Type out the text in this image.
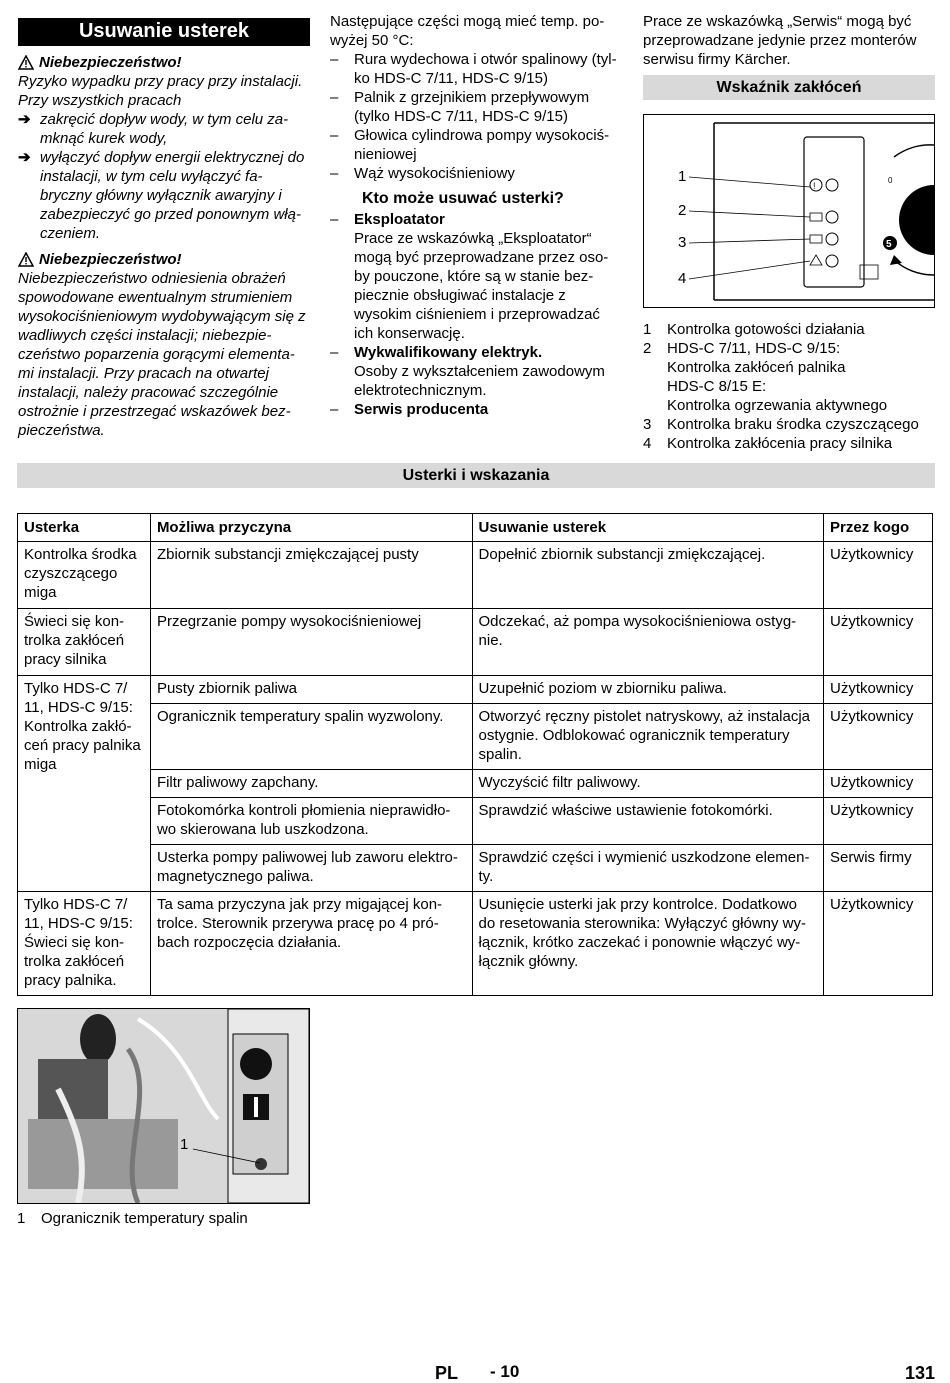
Usuwanie usterek
Niebezpieczeństwo!
Ryzyko wypadku przy pracy przy instalacji. Przy wszystkich pracach
➔ zakręcić dopływ wody, w tym celu za-mknąć kurek wody,
➔ wyłączyć dopływ energii elektrycznej do instalacji, w tym celu wyłączyć fa-bryczny główny wyłącznik awaryjny i zabezpieczyć go przed ponownym włą-czeniem.
Niebezpieczeństwo!
Niebezpieczeństwo odniesienia obrażeń spowodowane ewentualnym strumieniem wysokociśnieniowym wydobywającym się z wadliwych części instalacji; niebezpie-czeństwo poparzenia gorącymi elementa-mi instalacji. Przy pracach na otwartej instalacji, należy pracować szczególnie ostrożnie i przestrzegać wskazówek bez-pieczeństwa.
Następujące części mogą mieć temp. po-wyżej 50 °C:
–	Rura wydechowa i otwór spalinowy (tyl-ko HDS-C 7/11, HDS-C 9/15)
–	Palnik z grzejnikiem przepływowym (tylko HDS-C 7/11, HDS-C 9/15)
–	Głowica cylindrowa pompy wysokociś-nieniowej
–	Wąż wysokociśnieniowy
Kto może usuwać usterki?
–	Eksploatator
Prace ze wskazówką „Eksploatator“ mogą być przeprowadzane przez oso-by pouczone, które są w stanie bez-piecznie obsługiwać instalacje z wysokim ciśnieniem i przeprowadzać ich konserwację.
–	Wykwalifikowany elektryk.
Osoby z wykształceniem zawodowym elektrotechnicznym.
–	Serwis producenta
Prace ze wskazówką „Serwis“ mogą być przeprowadzane jedynie przez monterów serwisu firmy Kärcher.
Wskaźnik zakłóceń
!
1
2
3
4
0
5
1	Kontrolka gotowości działania
2	HDS-C 7/11, HDS-C 9/15:
Kontrolka zakłóceń palnika
HDS-C 8/15 E:
Kontrolka ogrzewania aktywnego
3	Kontrolka braku środka czyszczącego
4	Kontrolka zakłócenia pracy silnika
Usterki i wskazania
Usterka	Możliwa przyczyna	Usuwanie usterek	Przez kogo
Kontrolka środka czyszczącego miga	Zbiornik substancji zmiękczającej pusty	Dopełnić zbiornik substancji zmiękczającej.	Użytkownicy
Świeci się kon-trolka zakłóceń pracy silnika	Przegrzanie pompy wysokociśnieniowej	Odczekać, aż pompa wysokociśnieniowa ostyg-nie.	Użytkownicy
Tylko HDS-C 7/ 11, HDS-C 9/15: Kontrolka zakłó-ceń pracy palnika miga	Pusty zbiornik paliwa	Uzupełnić poziom w zbiorniku paliwa.	Użytkownicy
	Ogranicznik temperatury spalin wyzwolony.	Otworzyć ręczny pistolet natryskowy, aż instalacja ostygnie. Odblokować ogranicznik temperatury spalin.	Użytkownicy
	Filtr paliwowy zapchany.	Wyczyścić filtr paliwowy.	Użytkownicy
	Fotokomórka kontroli płomienia nieprawidło-wo skierowana lub uszkodzona.	Sprawdzić właściwe ustawienie fotokomórki.	Użytkownicy
	Usterka pompy paliwowej lub zaworu elektro-magnetycznego paliwa.	Sprawdzić części i wymienić uszkodzone elemen-ty.	Serwis firmy
Tylko HDS-C 7/ 11, HDS-C 9/15: Świeci się kon-trolka zakłóceń pracy palnika.	Ta sama przyczyna jak przy migającej kon-trolce. Sterownik przerywa pracę po 4 pró-bach rozpoczęcia działania.	Usunięcie usterki jak przy kontrolce. Dodatkowo do resetowania sterownika: Wyłączyć główny wy-łącznik, krótko zacze​kać i ponownie włączyć wy-łącznik główny.	Użytkownicy
1
1	Ogranicznik temperatury spalin
PL - 10	131
